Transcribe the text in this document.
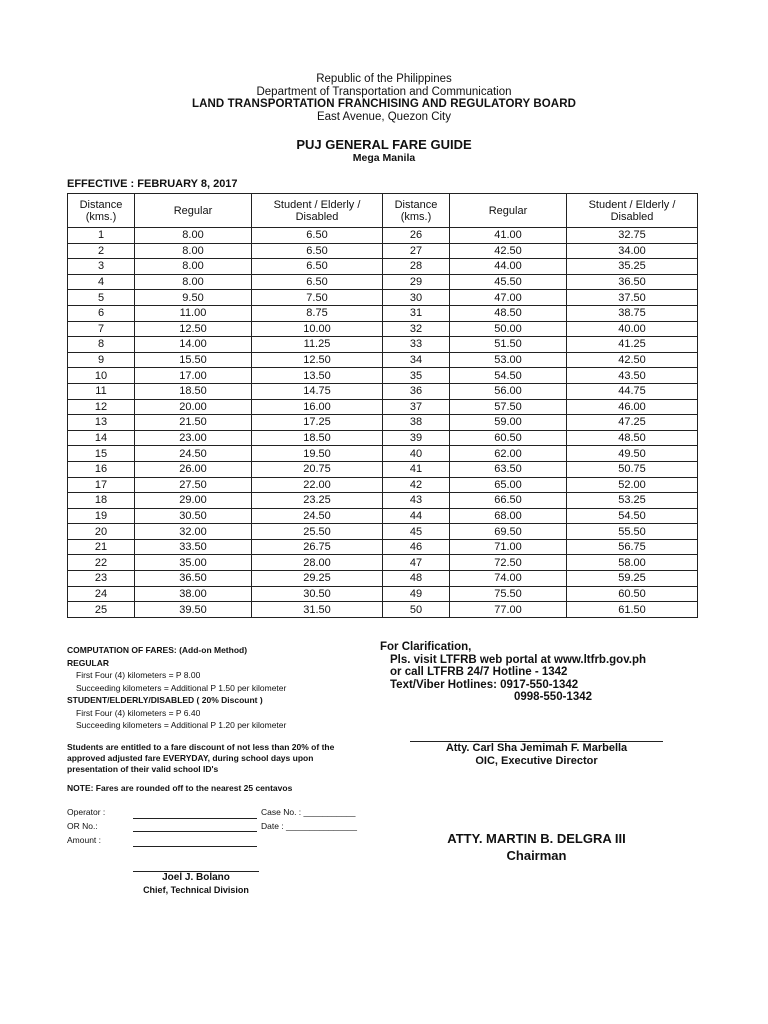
Republic of the Philippines
Department of Transportation and Communication
LAND TRANSPORTATION FRANCHISING AND REGULATORY BOARD
East Avenue, Quezon City
PUJ GENERAL FARE GUIDE
Mega Manila
EFFECTIVE : FEBRUARY 8, 2017
Distance (kms.)	Regular	Student / Elderly / Disabled	Distance (kms.)	Regular	Student / Elderly / Disabled
1	8.00	6.50	26	41.00	32.75
2	8.00	6.50	27	42.50	34.00
3	8.00	6.50	28	44.00	35.25
4	8.00	6.50	29	45.50	36.50
5	9.50	7.50	30	47.00	37.50
6	11.00	8.75	31	48.50	38.75
7	12.50	10.00	32	50.00	40.00
8	14.00	11.25	33	51.50	41.25
9	15.50	12.50	34	53.00	42.50
10	17.00	13.50	35	54.50	43.50
11	18.50	14.75	36	56.00	44.75
12	20.00	16.00	37	57.50	46.00
13	21.50	17.25	38	59.00	47.25
14	23.00	18.50	39	60.50	48.50
15	24.50	19.50	40	62.00	49.50
16	26.00	20.75	41	63.50	50.75
17	27.50	22.00	42	65.00	52.00
18	29.00	23.25	43	66.50	53.25
19	30.50	24.50	44	68.00	54.50
20	32.00	25.50	45	69.50	55.50
21	33.50	26.75	46	71.00	56.75
22	35.00	28.00	47	72.50	58.00
23	36.50	29.25	48	74.00	59.25
24	38.00	30.50	49	75.50	60.50
25	39.50	31.50	50	77.00	61.50
COMPUTATION OF FARES: (Add-on Method)
REGULAR
First Four (4) kilometers = P 8.00
Succeeding kilometers = Additional P 1.50 per kilometer
STUDENT/ELDERLY/DISABLED ( 20% Discount )
First Four (4) kilometers = P 6.40
Succeeding kilometers = Additional P 1.20 per kilometer
For Clarification,
Pls. visit LTFRB web portal at www.ltfrb.gov.ph
or call LTFRB 24/7 Hotline - 1342
Text/Viber Hotlines: 0917-550-1342
0998-550-1342
Students are entitled to a fare discount of not less than 20% of the
approved adjusted fare EVERYDAY, during school days upon
presentation of their valid school ID's
NOTE: Fares are rounded off to the nearest 25 centavos
Atty. Carl Sha Jemimah F. Marbella
OIC, Executive Director
Operator :
OR No.:
Amount :
Case No. : ___________
Date : _______________
ATTY. MARTIN B. DELGRA III
Chairman
Joel J. Bolano
Chief, Technical Division
